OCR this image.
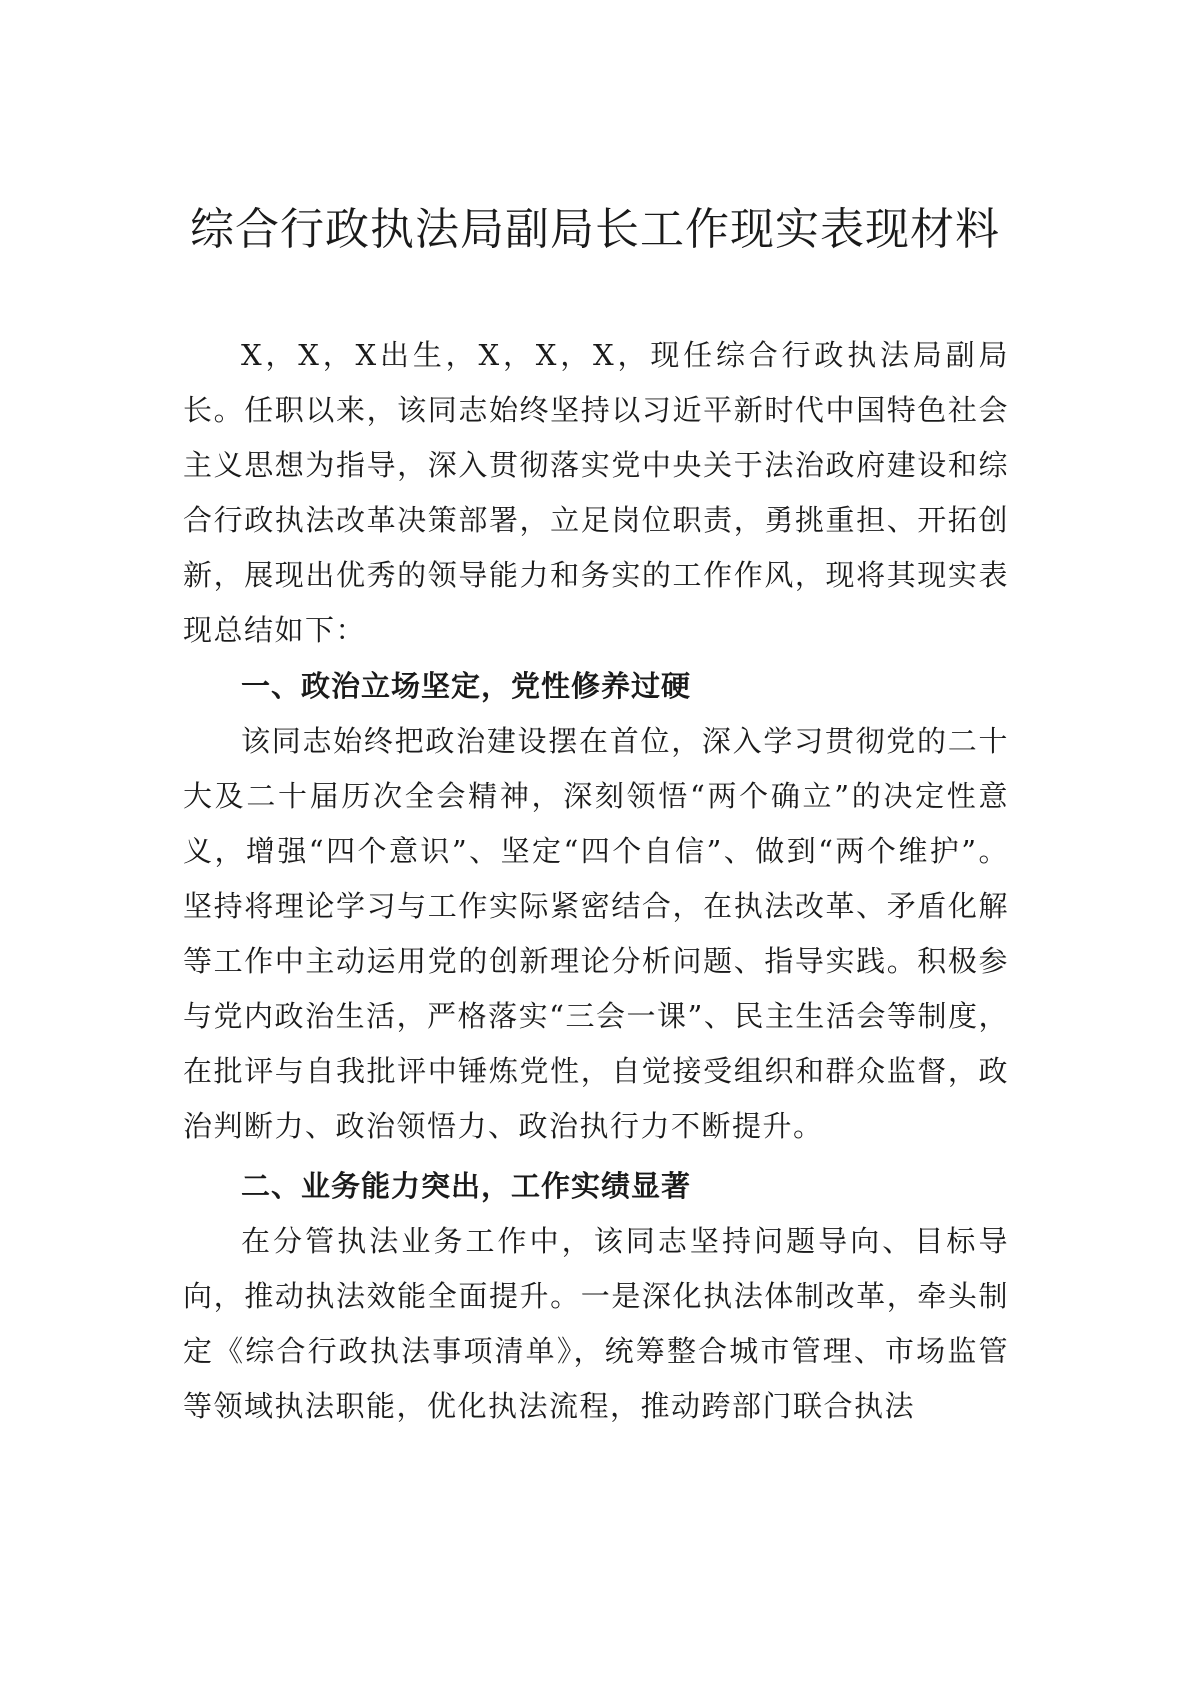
综合行政执法局副局长工作现实表现材料

X，X，X出生，X，X，X，现任综合行政执法局副局长。任职以来，该同志始终坚持以习近平新时代中国特色社会主义思想为指导，深入贯彻落实党中央关于法治政府建设和综合行政执法改革决策部署，立足岗位职责，勇挑重担、开拓创新，展现出优秀的领导能力和务实的工作作风，现将其现实表现总结如下：

一、政治立场坚定，党性修养过硬

该同志始终把政治建设摆在首位，深入学习贯彻党的二十大及二十届历次全会精神，深刻领悟“两个确立”的决定性意义，增强“四个意识”、坚定“四个自信”、做到“两个维护”。坚持将理论学习与工作实际紧密结合，在执法改革、矛盾化解等工作中主动运用党的创新理论分析问题、指导实践。积极参与党内政治生活，严格落实“三会一课”、民主生活会等制度，在批评与自我批评中锤炼党性，自觉接受组织和群众监督，政治判断力、政治领悟力、政治执行力不断提升。

二、业务能力突出，工作实绩显著

在分管执法业务工作中，该同志坚持问题导向、目标导向，推动执法效能全面提升。一是深化执法体制改革，牵头制定《综合行政执法事项清单》，统筹整合城市管理、市场监管等领域执法职能，优化执法流程，推动跨部门联合执法
